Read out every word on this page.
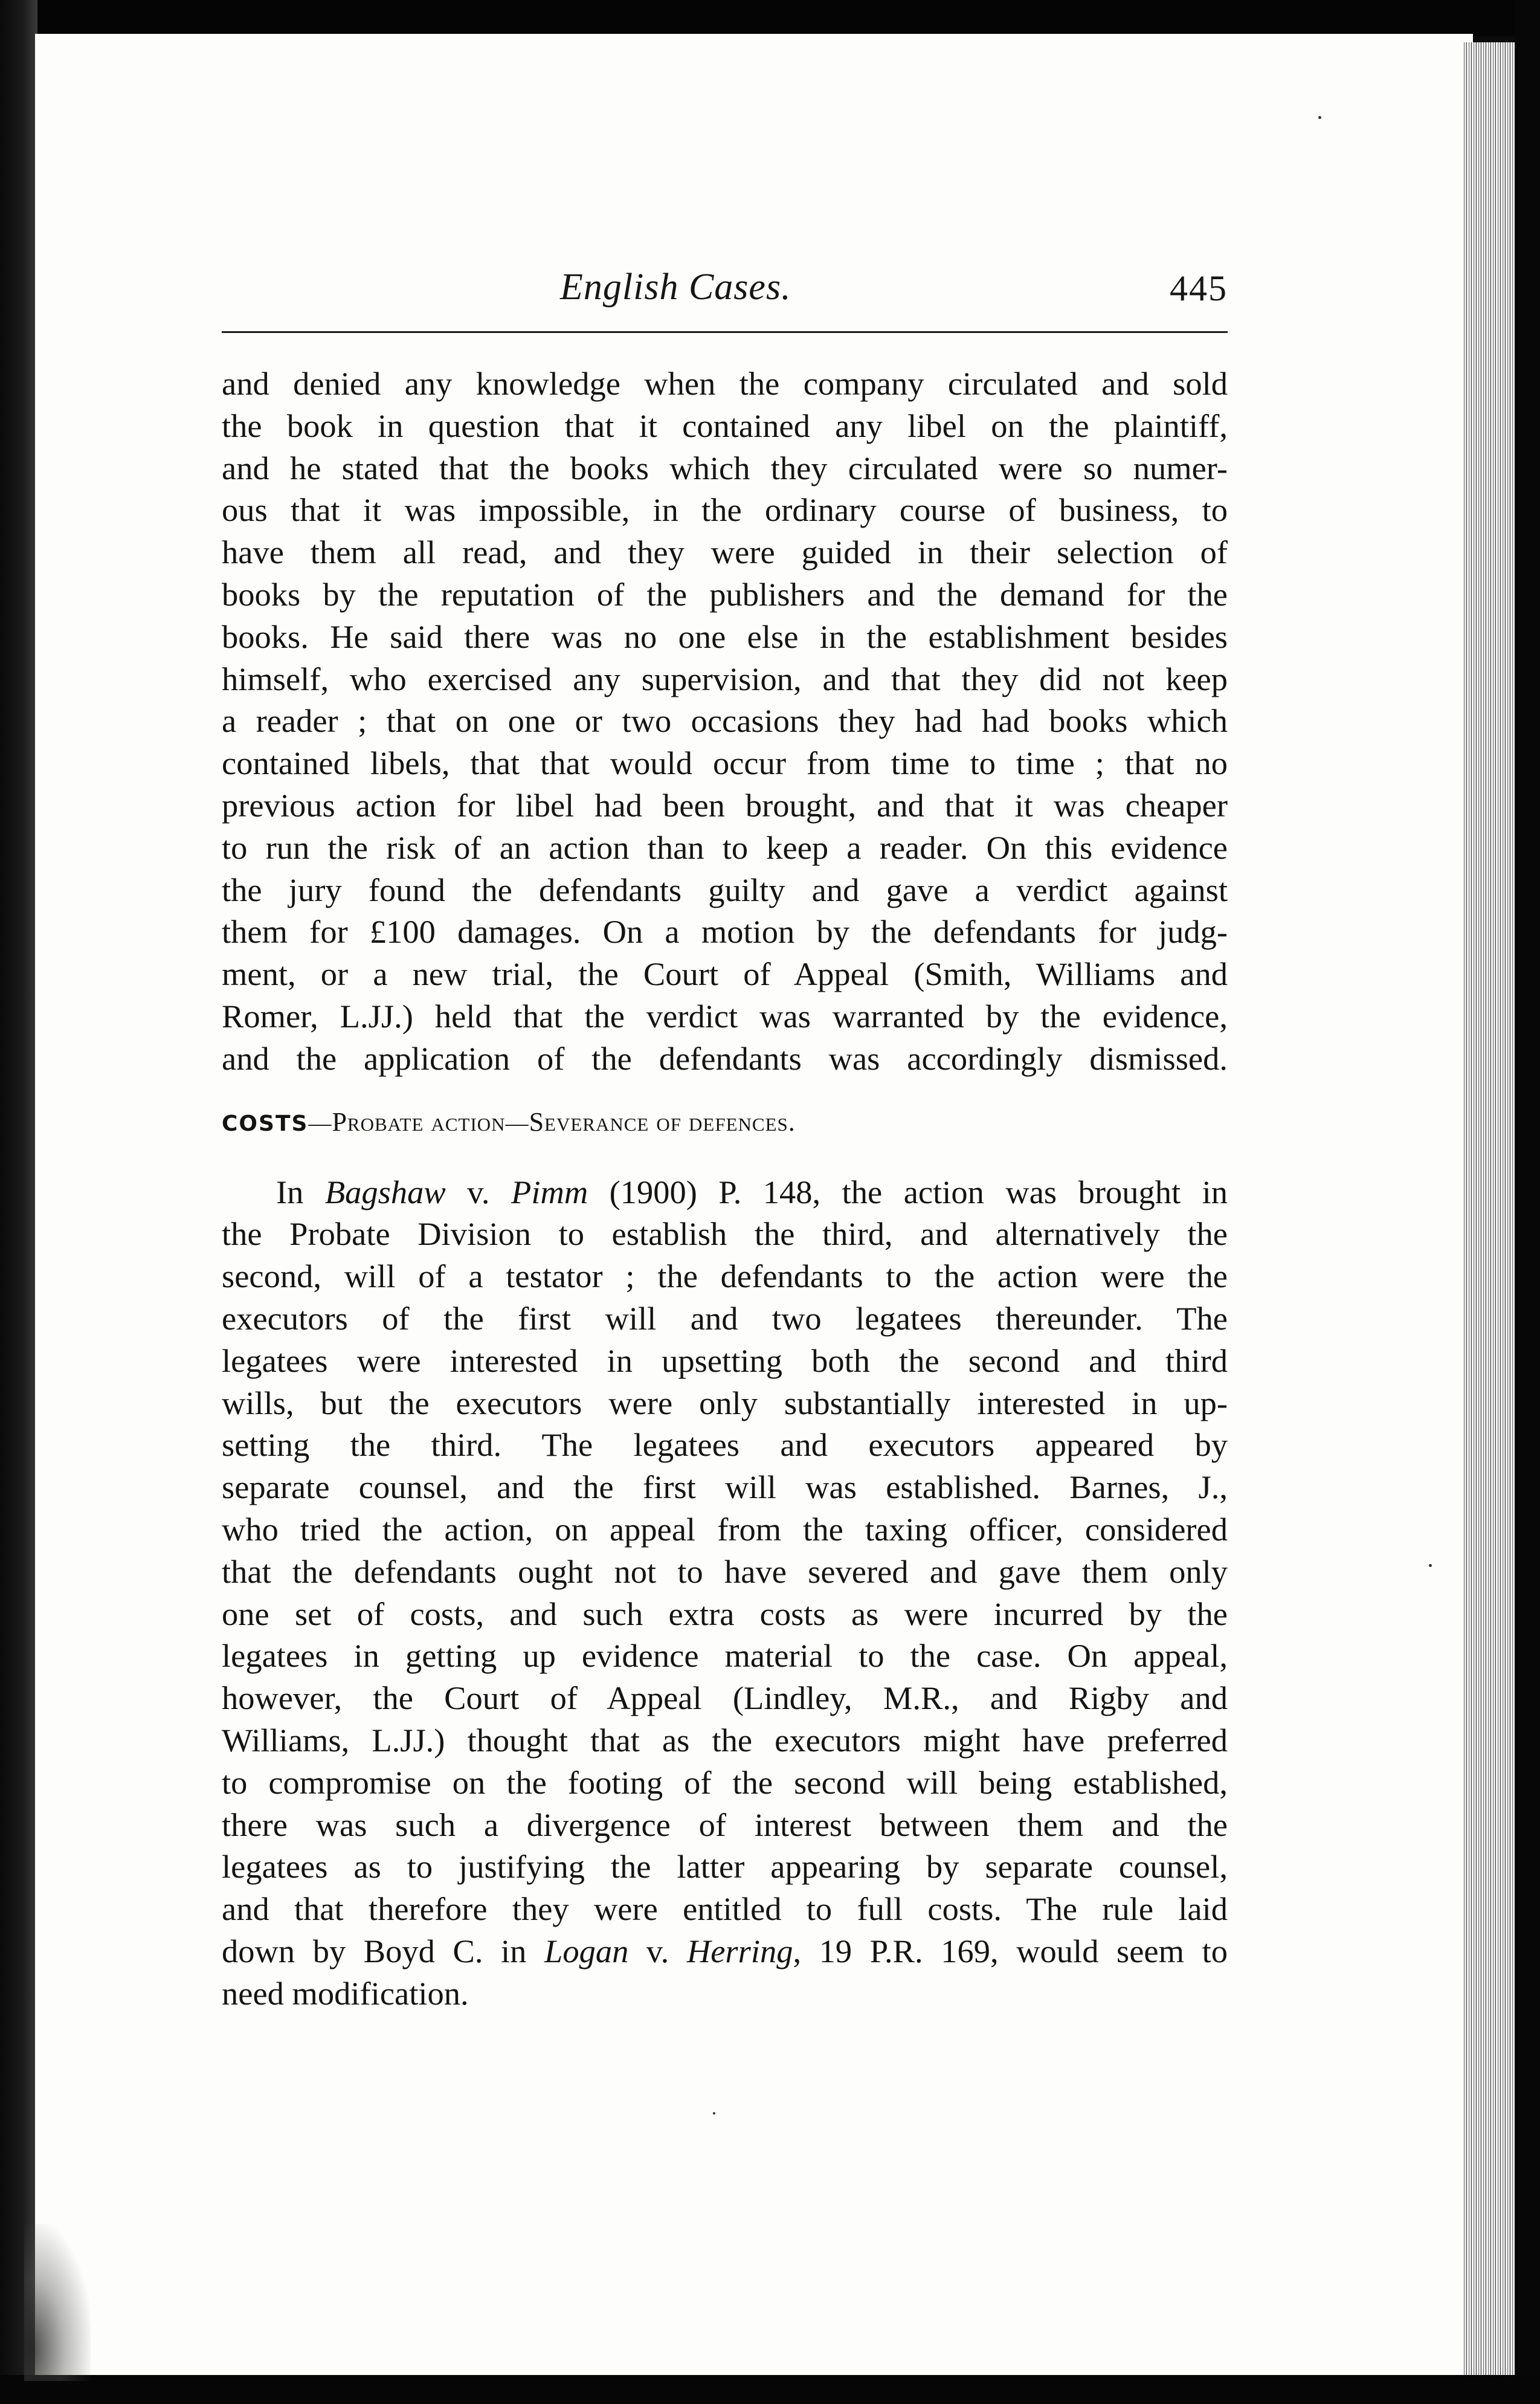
English Cases.	445

and denied any knowledge when the company circulated and sold
the book in question that it contained any libel on the plaintiff,
and he stated that the books which they circulated were so numer-
ous that it was impossible, in the ordinary course of business, to
have them all read, and they were guided in their selection of
books by the reputation of the publishers and the demand for the
books. He said there was no one else in the establishment besides
himself, who exercised any supervision, and that they did not keep
a reader ; that on one or two occasions they had had books which
contained libels, that that would occur from time to time ; that no
previous action for libel had been brought, and that it was cheaper
to run the risk of an action than to keep a reader. On this evidence
the jury found the defendants guilty and gave a verdict against
them for £100 damages. On a motion by the defendants for judg-
ment, or a new trial, the Court of Appeal (Smith, Williams and
Romer, L.JJ.) held that the verdict was warranted by the evidence,
and the application of the defendants was accordingly dismissed.

COSTS—Probate action—Severance of defences.

In Bagshaw v. Pimm (1900) P. 148, the action was brought in
the Probate Division to establish the third, and alternatively the
second, will of a testator ; the defendants to the action were the
executors of the first will and two legatees thereunder. The
legatees were interested in upsetting both the second and third
wills, but the executors were only substantially interested in up-
setting the third. The legatees and executors appeared by
separate counsel, and the first will was established. Barnes, J.,
who tried the action, on appeal from the taxing officer, considered
that the defendants ought not to have severed and gave them only
one set of costs, and such extra costs as were incurred by the
legatees in getting up evidence material to the case. On appeal,
however, the Court of Appeal (Lindley, M.R., and Rigby and
Williams, L.JJ.) thought that as the executors might have preferred
to compromise on the footing of the second will being established,
there was such a divergence of interest between them and the
legatees as to justifying the latter appearing by separate counsel,
and that therefore they were entitled to full costs. The rule laid
down by Boyd C. in Logan v. Herring, 19 P.R. 169, would seem to
need modification.
